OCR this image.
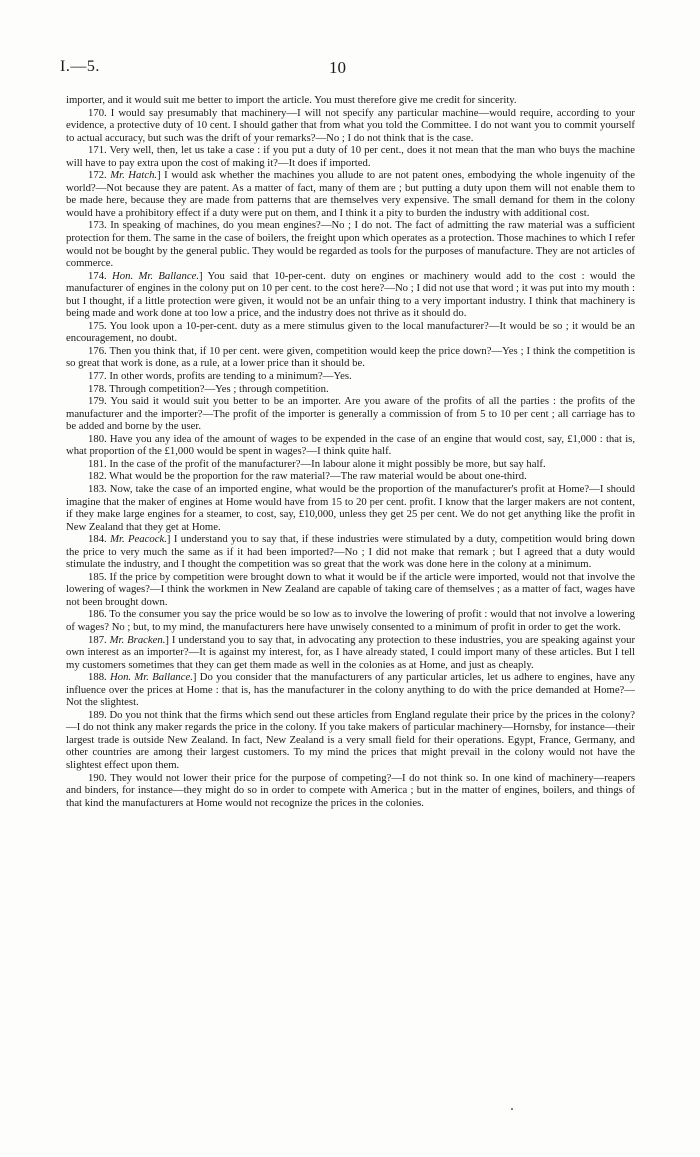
I.—5.	10

importer, and it would suit me better to import the article. You must therefore give me credit for sincerity.

170. I would say presumably that machinery—I will not specify any particular machine—would require, according to your evidence, a protective duty of 10 cent. I should gather that from what you told the Committee. I do not want you to commit yourself to actual accuracy, but such was the drift of your remarks?—No ; I do not think that is the case.

171. Very well, then, let us take a case : if you put a duty of 10 per cent., does it not mean that the man who buys the machine will have to pay extra upon the cost of making it?—It does if imported.

172. Mr. Hatch.] I would ask whether the machines you allude to are not patent ones, embodying the whole ingenuity of the world?—Not because they are patent. As a matter of fact, many of them are ; but putting a duty upon them will not enable them to be made here, because they are made from patterns that are themselves very expensive. The small demand for them in the colony would have a prohibitory effect if a duty were put on them, and I think it a pity to burden the industry with additional cost.

173. In speaking of machines, do you mean engines?—No ; I do not. The fact of admitting the raw material was a sufficient protection for them. The same in the case of boilers, the freight upon which operates as a protection. Those machines to which I refer would not be bought by the general public. They would be regarded as tools for the purposes of manufacture. They are not articles of commerce.

174. Hon. Mr. Ballance.] You said that 10-per-cent. duty on engines or machinery would add to the cost : would the manufacturer of engines in the colony put on 10 per cent. to the cost here?—No ; I did not use that word ; it was put into my mouth : but I thought, if a little protection were given, it would not be an unfair thing to a very important industry. I think that machinery is being made and work done at too low a price, and the industry does not thrive as it should do.

175. You look upon a 10-per-cent. duty as a mere stimulus given to the local manufacturer?—It would be so ; it would be an encouragement, no doubt.

176. Then you think that, if 10 per cent. were given, competition would keep the price down?—Yes ; I think the competition is so great that work is done, as a rule, at a lower price than it should be.

177. In other words, profits are tending to a minimum?—Yes.

178. Through competition?—Yes ; through competition.

179. You said it would suit you better to be an importer. Are you aware of the profits of all the parties : the profits of the manufacturer and the importer?—The profit of the importer is generally a commission of from 5 to 10 per cent ; all carriage has to be added and borne by the user.

180. Have you any idea of the amount of wages to be expended in the case of an engine that would cost, say, £1,000 : that is, what proportion of the £1,000 would be spent in wages?—I think quite half.

181. In the case of the profit of the manufacturer?—In labour alone it might possibly be more, but say half.

182. What would be the proportion for the raw material?—The raw material would be about one-third.

183. Now, take the case of an imported engine, what would be the proportion of the manufacturer's profit at Home?—I should imagine that the maker of engines at Home would have from 15 to 20 per cent. profit. I know that the larger makers are not content, if they make large engines for a steamer, to cost, say, £10,000, unless they get 25 per cent. We do not get anything like the profit in New Zealand that they get at Home.

184. Mr. Peacock.] I understand you to say that, if these industries were stimulated by a duty, competition would bring down the price to very much the same as if it had been imported?—No ; I did not make that remark ; but I agreed that a duty would stimulate the industry, and I thought the competition was so great that the work was done here in the colony at a minimum.

185. If the price by competition were brought down to what it would be if the article were imported, would not that involve the lowering of wages?—I think the workmen in New Zealand are capable of taking care of themselves ; as a matter of fact, wages have not been brought down.

186. To the consumer you say the price would be so low as to involve the lowering of profit : would that not involve a lowering of wages? No ; but, to my mind, the manufacturers here have unwisely consented to a minimum of profit in order to get the work.

187. Mr. Bracken.] I understand you to say that, in advocating any protection to these industries, you are speaking against your own interest as an importer?—It is against my interest, for, as I have already stated, I could import many of these articles. But I tell my customers sometimes that they can get them made as well in the colonies as at Home, and just as cheaply.

188. Hon. Mr. Ballance.] Do you consider that the manufacturers of any particular articles, let us adhere to engines, have any influence over the prices at Home : that is, has the manufacturer in the colony anything to do with the price demanded at Home?—Not the slightest.

189. Do you not think that the firms which send out these articles from England regulate their price by the prices in the colony?—I do not think any maker regards the price in the colony. If you take makers of particular machinery—Hornsby, for instance—their largest trade is outside New Zealand. In fact, New Zealand is a very small field for their operations. Egypt, France, Germany, and other countries are among their largest customers. To my mind the prices that might prevail in the colony would not have the slightest effect upon them.

190. They would not lower their price for the purpose of competing?—I do not think so. In one kind of machinery—reapers and binders, for instance—they might do so in order to compete with America ; but in the matter of engines, boilers, and things of that kind the manufacturers at Home would not recognize the prices in the colonies.
